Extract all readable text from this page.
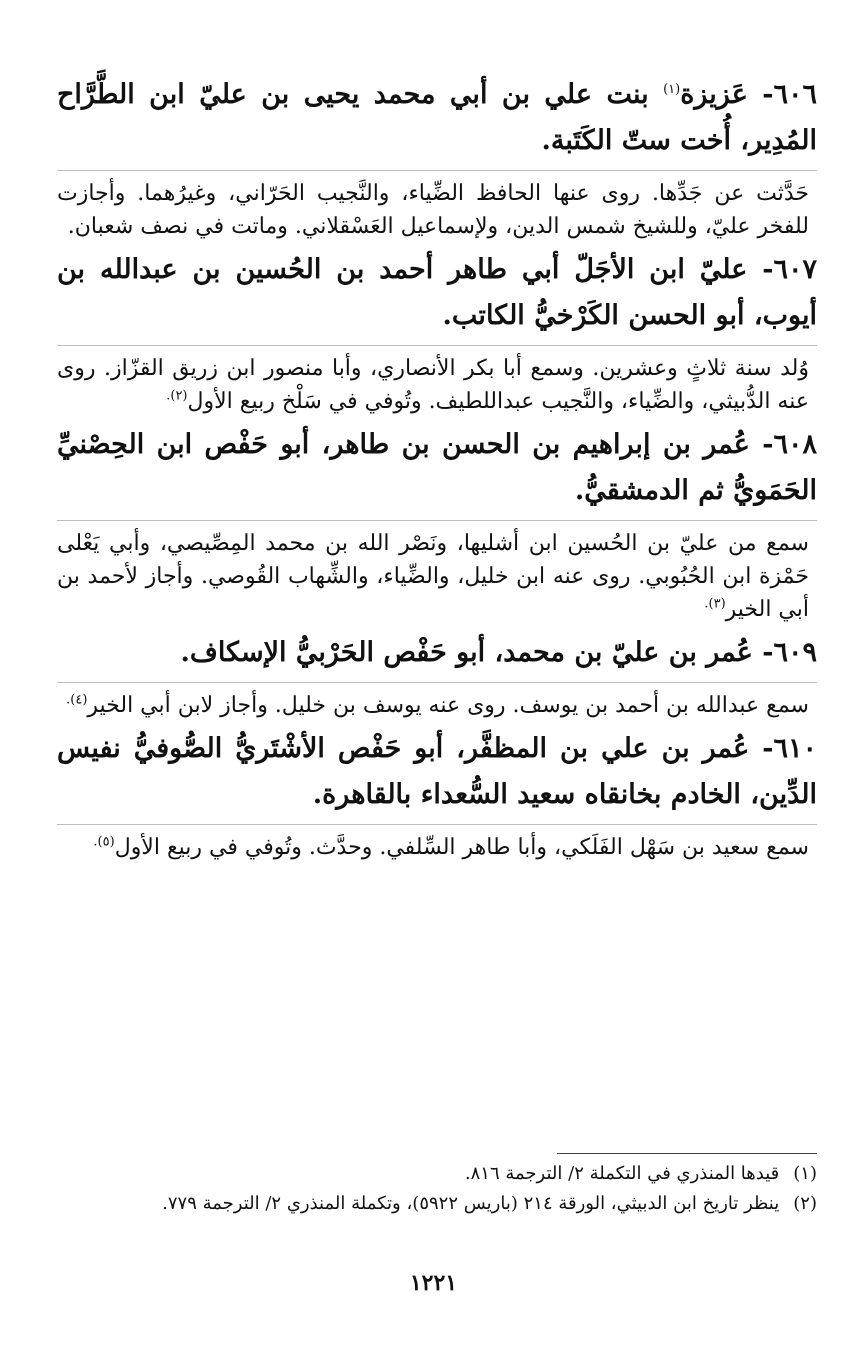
٦٠٦- عَزيزة$^{(١)}$ بنت علي بن أبي محمد يحيى بن عليّ ابن الطَّرَّاح المُدِير، أُخت ستّ الكَتَبة.

حَدَّثت عن جَدِّها. روى عنها الحافظ الضِّياء، والنَّجيب الحَرّاني، وغيرُهما. وأجازت للفخر عليّ، وللشيخ شمس الدين، ولإسماعيل العَسْقلاني. وماتت في نصف شعبان.

٦٠٧- عليّ ابن الأجَلّ أبي طاهر أحمد بن الحُسين بن عبدالله بن أيوب، أبو الحسن الكَرْخيُّ الكاتب.

وُلد سنة ثلاثٍ وعشرين. وسمع أبا بكر الأنصاري، وأبا منصور ابن زريق القزّاز. روى عنه الدُّبيثي، والضِّياء، والنَّجيب عبداللطيف. وتُوفي في سَلْخ ربيع الأول$^{(٢).}$

٦٠٨- عُمر بن إبراهيم بن الحسن بن طاهر، أبو حَفْص ابن الحِصْنيِّ الحَمَويُّ ثم الدمشقيُّ.

سمع من عليّ بن الحُسين ابن أشليها، ونَصْر الله بن محمد المِصِّيصي، وأبي يَعْلى حَمْزة ابن الحُبُوبي. روى عنه ابن خليل، والضِّياء، والشِّهاب القُوصي. وأجاز لأحمد بن أبي الخير$^{(٣).}$

٦٠٩- عُمر بن عليّ بن محمد، أبو حَفْص الحَرْبيُّ الإسكاف.

سمع عبدالله بن أحمد بن يوسف. روى عنه يوسف بن خليل. وأجاز لابن أبي الخير$^{(٤).}$

٦١٠- عُمر بن علي بن المظفَّر، أبو حَفْص الأشْتَريُّ الصُّوفيُّ نفيس الدِّين، الخادم بخانقاه سعيد السُّعداء بالقاهرة.

سمع سعيد بن سَهْل الفَلَكي، وأبا طاهر السِّلفي. وحدَّث. وتُوفي في ربيع الأول$^{(٥).}$

(١)
قيدها المنذري في التكملة ٢/ الترجمة ٨١٦.
(٢)
ينظر تاريخ ابن الدبيثي، الورقة ٢١٤ (باريس ٥٩٢٢)، وتكملة المنذري ٢/ الترجمة ٧٧٩.
١٢٢١
